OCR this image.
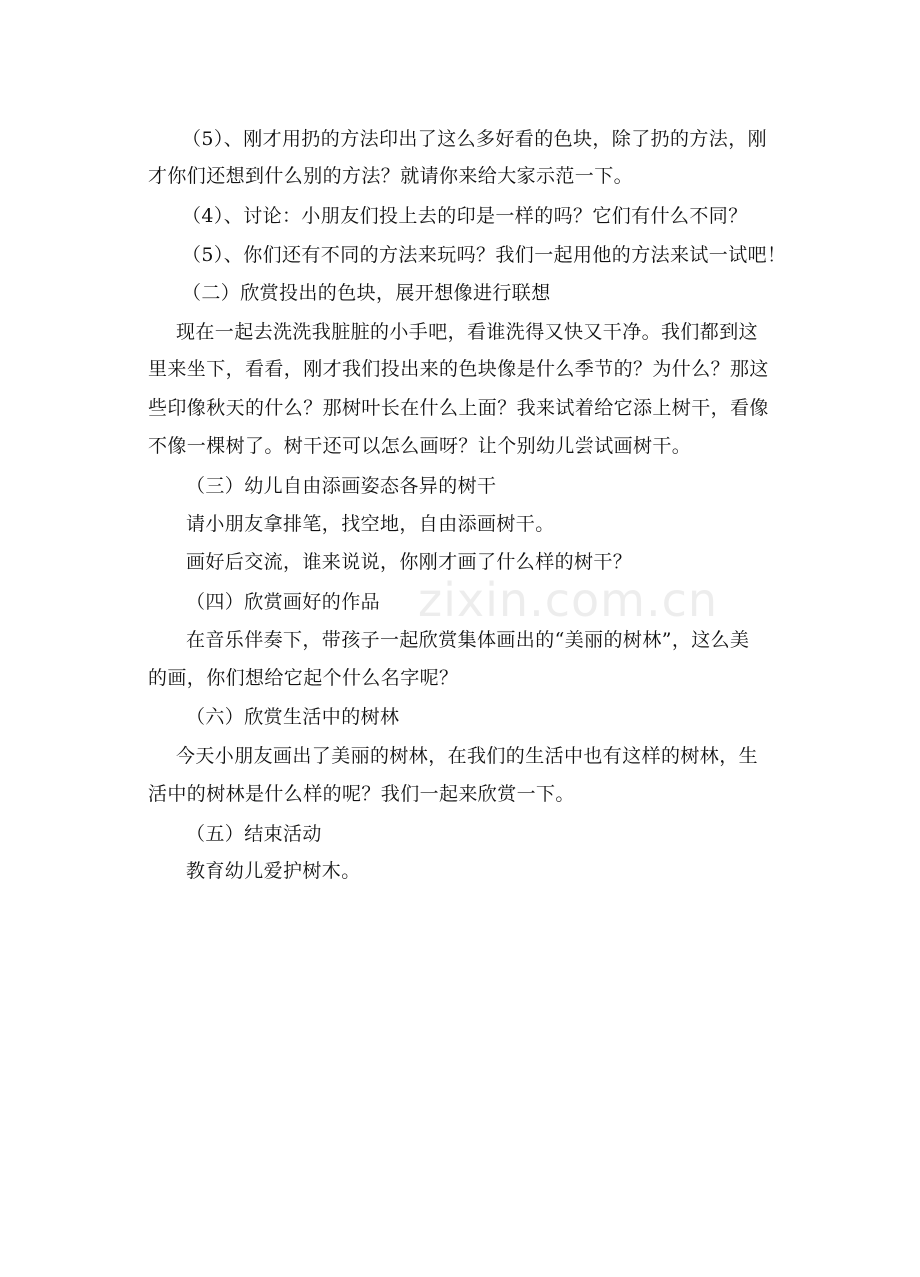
（5）、刚才用扔的方法印出了这么多好看的色块，除了扔的方法，刚
才你们还想到什么别的方法？就请你来给大家示范一下。
（4）、讨论：小朋友们投上去的印是一样的吗？它们有什么不同？
（5）、你们还有不同的方法来玩吗？我们一起用他的方法来试一试吧！
（二）欣赏投出的色块，展开想像进行联想
现在一起去洗洗我脏脏的小手吧，看谁洗得又快又干净。我们都到这
里来坐下，看看，刚才我们投出来的色块像是什么季节的？为什么？那这
些印像秋天的什么？那树叶长在什么上面？我来试着给它添上树干，看像
不像一棵树了。树干还可以怎么画呀？让个别幼儿尝试画树干。
（三）幼儿自由添画姿态各异的树干
请小朋友拿排笔，找空地，自由添画树干。
画好后交流，谁来说说，你刚才画了什么样的树干？
（四）欣赏画好的作品
在音乐伴奏下，带孩子一起欣赏集体画出的“美丽的树林”，这么美
的画，你们想给它起个什么名字呢？
（六）欣赏生活中的树林
今天小朋友画出了美丽的树林，在我们的生活中也有这样的树林，生
活中的树林是什么样的呢？我们一起来欣赏一下。
（五）结束活动
教育幼儿爱护树木。
zixin.com.cn
